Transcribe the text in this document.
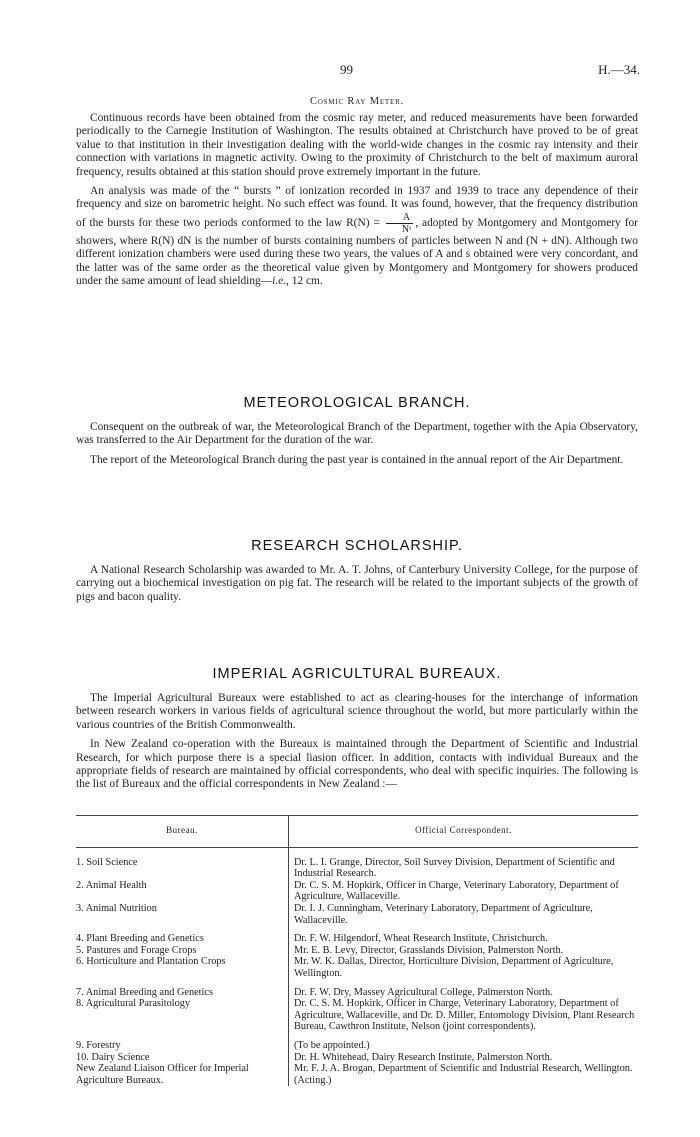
99	H.—34.
Cosmic Ray Meter.

Continuous records have been obtained from the cosmic ray meter, and reduced measurements have been forwarded periodically to the Carnegie Institution of Washington. The results obtained at Christchurch have proved to be of great value to that institution in their investigation dealing with the world-wide changes in the cosmic ray intensity and their connection with variations in magnetic activity. Owing to the proximity of Christchurch to the belt of maximum auroral frequency, results obtained at this station should prove extremely important in the future.

An analysis was made of the “ bursts ” of ionization recorded in 1937 and 1939 to trace any dependence of their frequency and size on barometric height. No such effect was found. It was found, however, that the frequency distribution of the bursts for these two periods conformed to the law $R(N) = \frac{A}{\text{Nˢ}}$ , adopted by Montgomery and Montgomery for showers, where R(N) dN is the number of bursts containing numbers of particles between N and (N + dN). Although two different ionization chambers were used during these two years, the values of A and s obtained were very concordant, and the latter was of the same order as the theoretical value given by Montgomery and Montgomery for showers produced under the same amount of lead shielding—i.e., 12 cm.

METEOROLOGICAL BRANCH.

Consequent on the outbreak of war, the Meteorological Branch of the Department, together with the Apia Observatory, was transferred to the Air Department for the duration of the war.

The report of the Meteorological Branch during the past year is contained in the annual report of the Air Department.

RESEARCH SCHOLARSHIP.

A National Research Scholarship was awarded to Mr. A. T. Johns, of Canterbury University College, for the purpose of carrying out a biochemical investigation on pig fat. The research will be related to the important subjects of the growth of pigs and bacon quality.

IMPERIAL AGRICULTURAL BUREAUX.

The Imperial Agricultural Bureaux were established to act as clearing-houses for the interchange of information between research workers in various fields of agricultural science throughout the world, but more particularly within the various countries of the British Commonwealth.

In New Zealand co-operation with the Bureaux is maintained through the Department of Scientific and Industrial Research, for which purpose there is a special liasion officer. In addition, contacts with individual Bureaux and the appropriate fields of research are maintained by official correspondents, who deal with specific inquiries. The following is the list of Bureaux and the official correspondents in New Zealand :—

Bureau.	Official Correspondent.
1. Soil Science	Dr. L. I. Grange, Director, Soil Survey Division, Department of Scientific and Industrial Research.
2. Animal Health	Dr. C. S. M. Hopkirk, Officer in Charge, Veterinary Laboratory, Department of Agriculture, Wallaceville.
3. Animal Nutrition	Dr. I. J. Cunningham, Veterinary Laboratory, Department of Agriculture, Wallaceville.
4. Plant Breeding and Genetics	Dr. F. W. Hilgendorf, Wheat Research Institute, Christchurch.
5. Pastures and Forage Crops	Mr. E. B. Levy, Director, Grasslands Division, Palmerston North.
6. Horticulture and Plantation Crops	Mr. W. K. Dallas, Director, Horticulture Division, Department of Agriculture, Wellington.
7. Animal Breeding and Genetics	Dr. F. W. Dry, Massey Agricultural College, Palmerston North.
8. Agricultural Parasitology	Dr. C. S. M. Hopkirk, Officer in Charge, Veterinary Laboratory, Department of Agriculture, Wallaceville, and Dr. D. Miller, Entomology Division, Plant Research Bureau, Cawthron Institute, Nelson (joint correspondents).
9. Forestry	(To be appointed.)
10. Dairy Science	Dr. H. Whitehead, Dairy Research Institute, Palmerston North.
New Zealand Liaison Officer for Imperial Agriculture Bureaux.	Mr. F. J. A. Brogan, Department of Scientific and Industrial Research, Wellington. (Acting.)
